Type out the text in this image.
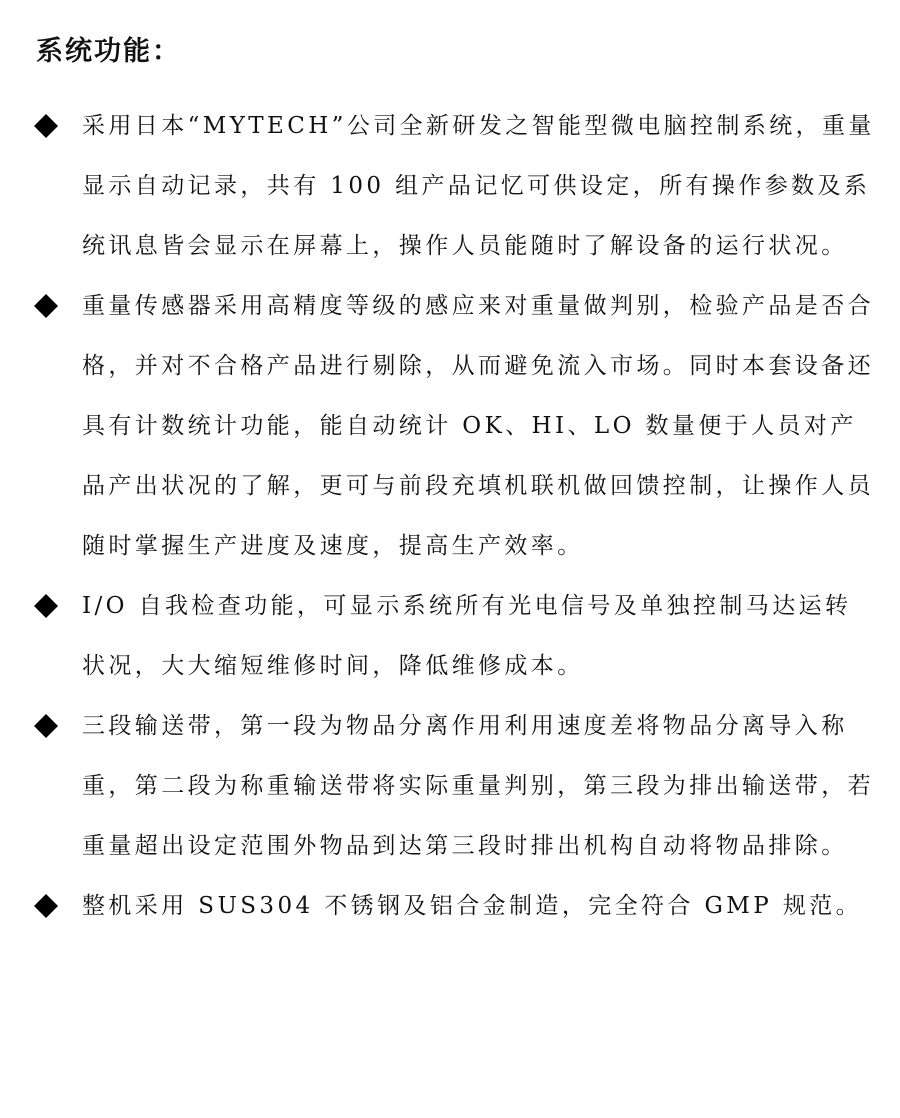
系统功能：
采用日本“MYTECH”公司全新研发之智能型微电脑控制系统，重量显示自动记录，共有 100 组产品记忆可供设定，所有操作参数及系统讯息皆会显示在屏幕上，操作人员能随时了解设备的运行状况。
重量传感器采用高精度等级的感应来对重量做判别，检验产品是否合格，并对不合格产品进行剔除，从而避免流入市场。同时本套设备还具有计数统计功能，能自动统计 OK、HI、LO 数量便于人员对产品产出状况的了解，更可与前段充填机联机做回馈控制，让操作人员随时掌握生产进度及速度，提高生产效率。
I/O 自我检查功能，可显示系统所有光电信号及单独控制马达运转状况，大大缩短维修时间，降低维修成本。
三段输送带，第一段为物品分离作用利用速度差将物品分离导入称重，第二段为称重输送带将实际重量判别，第三段为排出输送带，若重量超出设定范围外物品到达第三段时排出机构自动将物品排除。
整机采用 SUS304 不锈钢及铝合金制造，完全符合 GMP 规范。
